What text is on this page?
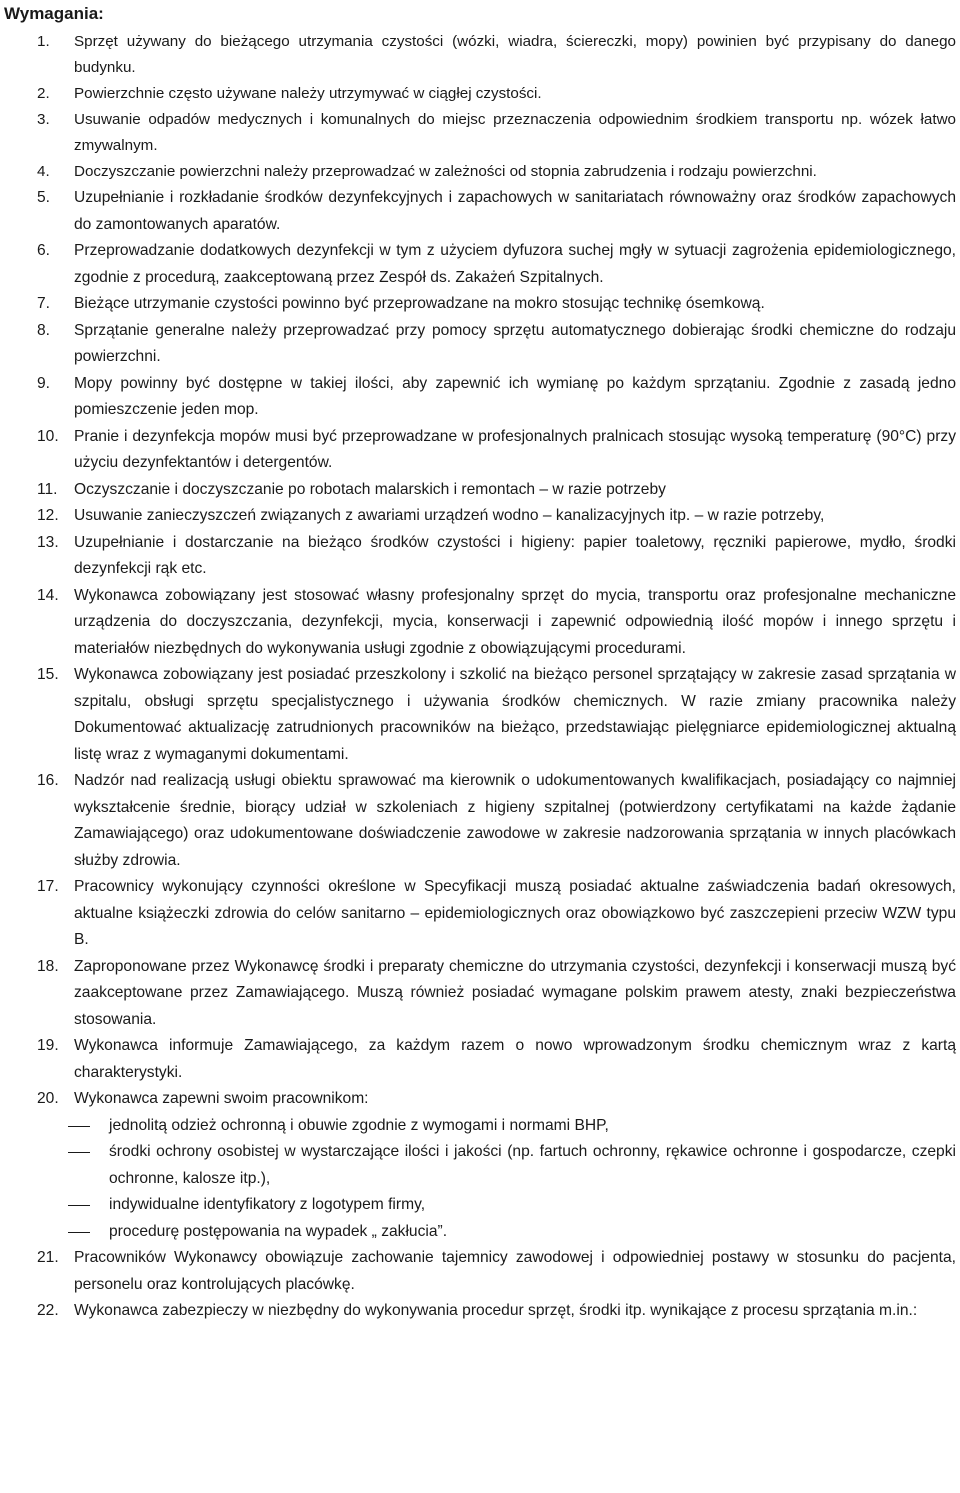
Wymagania:
1.	Sprzęt używany do bieżącego utrzymania czystości (wózki, wiadra, ściereczki, mopy) powinien być przypisany do danego budynku.
2.	Powierzchnie często używane należy utrzymywać w ciągłej czystości.
3.	Usuwanie odpadów medycznych i komunalnych do miejsc przeznaczenia odpowiednim środkiem transportu np. wózek łatwo zmywalnym.
4.	Doczyszczanie powierzchni należy przeprowadzać w zależności od stopnia zabrudzenia i rodzaju powierzchni.
5.	Uzupełnianie i rozkładanie środków dezynfekcyjnych i zapachowych w sanitariatach równoważny oraz środków zapachowych do zamontowanych aparatów.
6.	Przeprowadzanie dodatkowych dezynfekcji w tym z użyciem dyfuzora suchej mgły w sytuacji zagrożenia epidemiologicznego, zgodnie z procedurą, zaakceptowaną przez Zespół ds. Zakażeń Szpitalnych.
7.	Bieżące utrzymanie czystości powinno być przeprowadzane na mokro stosując technikę ósemkową.
8.	Sprzątanie generalne należy przeprowadzać przy pomocy sprzętu automatycznego dobierając środki chemiczne do rodzaju powierzchni.
9.	Mopy powinny być dostępne w takiej ilości, aby zapewnić ich wymianę po każdym sprzątaniu. Zgodnie z zasadą jedno pomieszczenie jeden mop.
10. Pranie i dezynfekcja mopów musi być przeprowadzane w profesjonalnych pralnicach stosując wysoką temperaturę (90°C) przy użyciu dezynfektantów i detergentów.
11.	Oczyszczanie i doczyszczanie po robotach malarskich i remontach – w razie potrzeby
12. Usuwanie zanieczyszczeń związanych z awariami urządzeń wodno – kanalizacyjnych itp. – w razie potrzeby,
13. Uzupełnianie i dostarczanie na bieżąco środków czystości i higieny: papier toaletowy, ręczniki papierowe, mydło, środki dezynfekcji rąk etc.
14. Wykonawca zobowiązany jest stosować własny profesjonalny sprzęt do mycia, transportu oraz profesjonalne mechaniczne urządzenia do doczyszczania, dezynfekcji, mycia, konserwacji i zapewnić odpowiednią ilość mopów i innego sprzętu i materiałów niezbędnych do wykonywania usługi zgodnie z obowiązującymi procedurami.
15. Wykonawca zobowiązany jest posiadać przeszkolony i szkolić na bieżąco personel sprzątający w zakresie zasad sprzątania w szpitalu, obsługi sprzętu specjalistycznego i używania środków chemicznych. W razie zmiany pracownika należy Dokumentować aktualizację zatrudnionych pracowników na bieżąco, przedstawiając pielęgniarce epidemiologicznej aktualną listę wraz z wymaganymi dokumentami.
16. Nadzór nad realizacją usługi obiektu sprawować ma kierownik o udokumentowanych kwalifikacjach, posiadający co najmniej wykształcenie średnie, biorący udział w szkoleniach z higieny szpitalnej (potwierdzony certyfikatami na każde żądanie Zamawiającego) oraz udokumentowane doświadczenie zawodowe w zakresie nadzorowania sprzątania w innych placówkach służby zdrowia.
17. Pracownicy wykonujący czynności określone w Specyfikacji muszą posiadać aktualne zaświadczenia badań okresowych, aktualne książeczki zdrowia do celów sanitarno – epidemiologicznych oraz obowiązkowo być zaszczepieni przeciw WZW typu B.
18. Zaproponowane przez Wykonawcę środki i preparaty chemiczne do utrzymania czystości, dezynfekcji i konserwacji muszą być zaakceptowane przez Zamawiającego. Muszą również posiadać wymagane polskim prawem atesty, znaki bezpieczeństwa stosowania.
19. Wykonawca informuje Zamawiającego, za każdym razem o nowo wprowadzonym środku chemicznym wraz z kartą charakterystyki.
20. Wykonawca zapewni swoim pracownikom:
jednolitą odzież ochronną i obuwie zgodnie z wymogami i normami BHP,
środki ochrony osobistej w wystarczające ilości i jakości (np. fartuch ochronny, rękawice ochronne i gospodarcze, czepki ochronne, kalosze itp.),
indywidualne identyfikatory z logotypem firmy,
procedurę postępowania na wypadek „ zakłucia”.
21. Pracowników Wykonawcy obowiązuje zachowanie tajemnicy zawodowej i odpowiedniej postawy w stosunku do pacjenta, personelu oraz kontrolujących placówkę.
22. Wykonawca zabezpieczy w niezbędny do wykonywania procedur sprzęt, środki itp. wynikające z procesu sprzątania m.in.:
